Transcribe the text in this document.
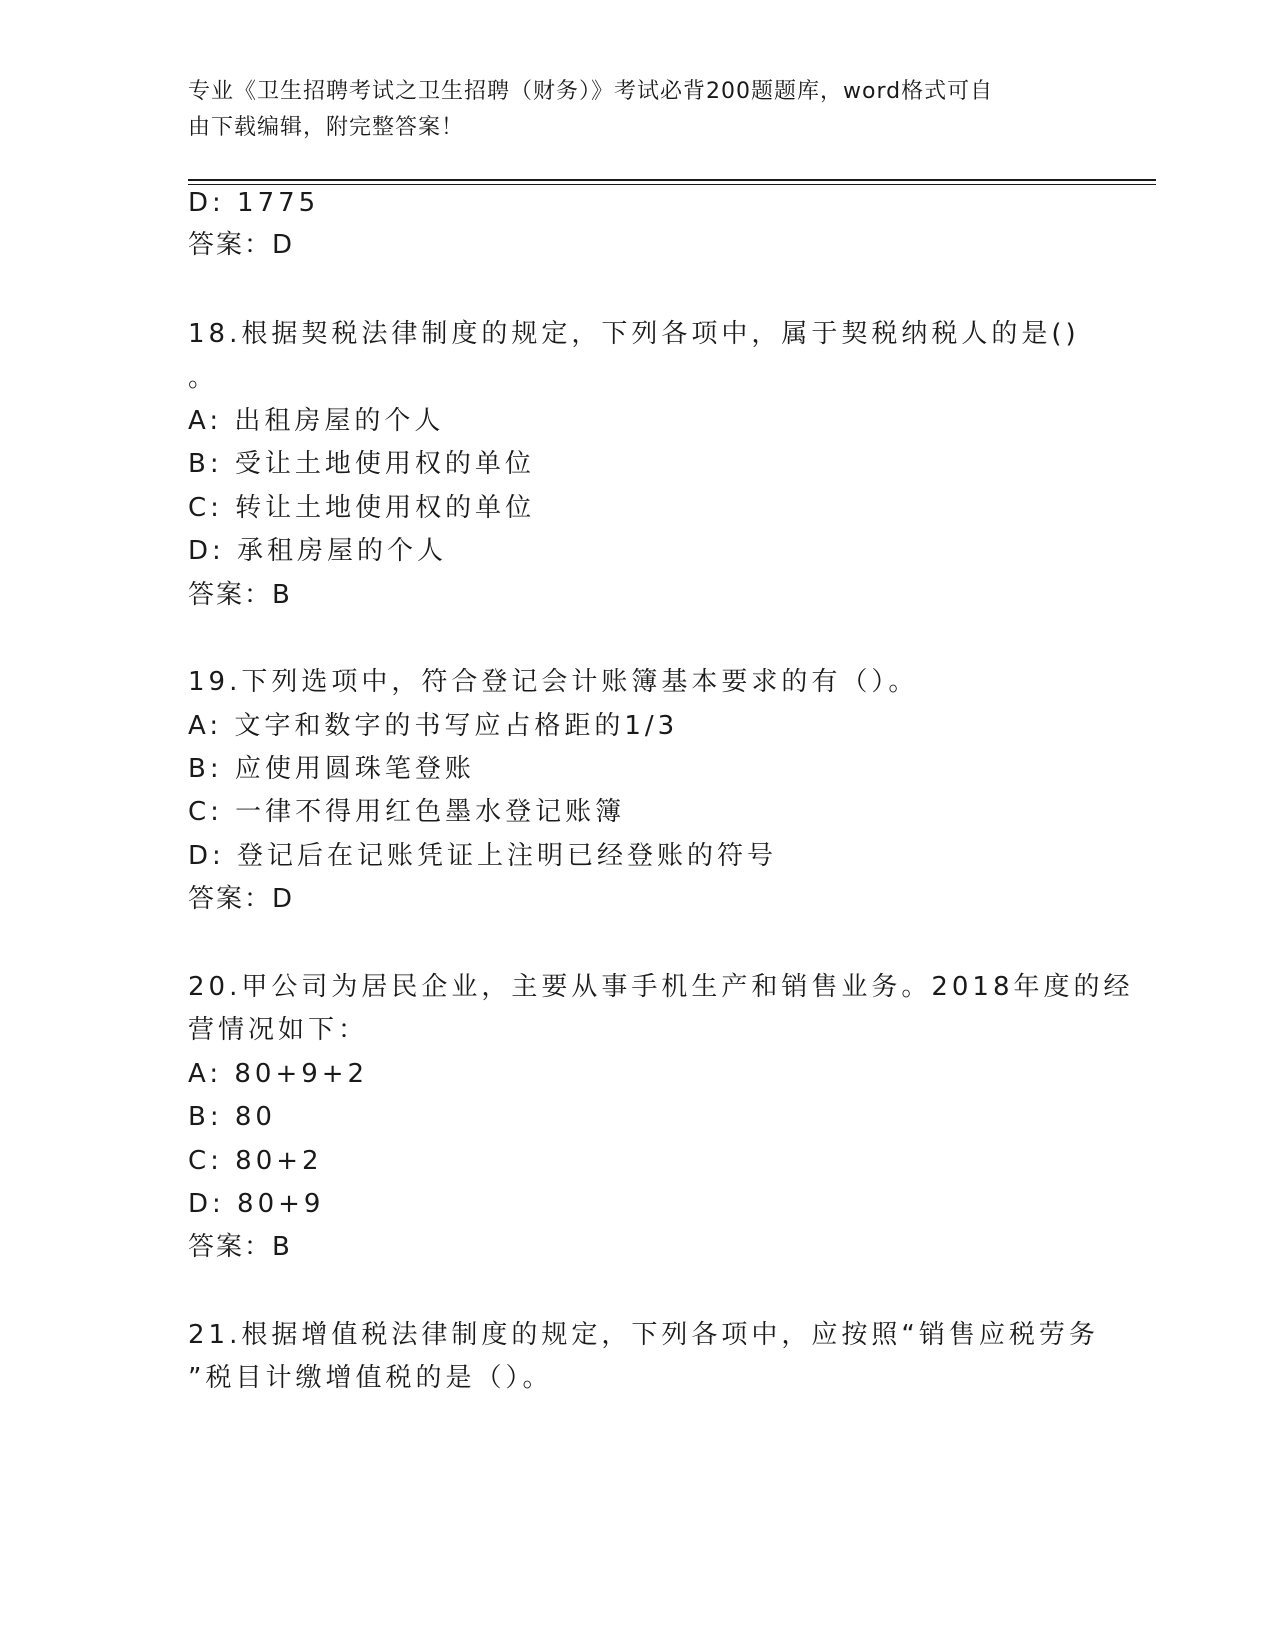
专业《卫生招聘考试之卫生招聘（财务）》考试必背200题题库，word格式可自
由下载编辑，附完整答案！
D: 1775
答案：D
18.根据契税法律制度的规定，下列各项中，属于契税纳税人的是()
。
A: 出租房屋的个人
B: 受让土地使用权的单位
C: 转让土地使用权的单位
D: 承租房屋的个人
答案：B
19.下列选项中，符合登记会计账簿基本要求的有（）。
A: 文字和数字的书写应占格距的1/3
B: 应使用圆珠笔登账
C: 一律不得用红色墨水登记账簿
D: 登记后在记账凭证上注明已经登账的符号
答案：D
20.甲公司为居民企业，主要从事手机生产和销售业务。2018年度的经
营情况如下：
A: 80+9+2
B: 80
C: 80+2
D: 80+9
答案：B
21.根据增值税法律制度的规定，下列各项中，应按照“销售应税劳务
”税目计缴增值税的是（）。
